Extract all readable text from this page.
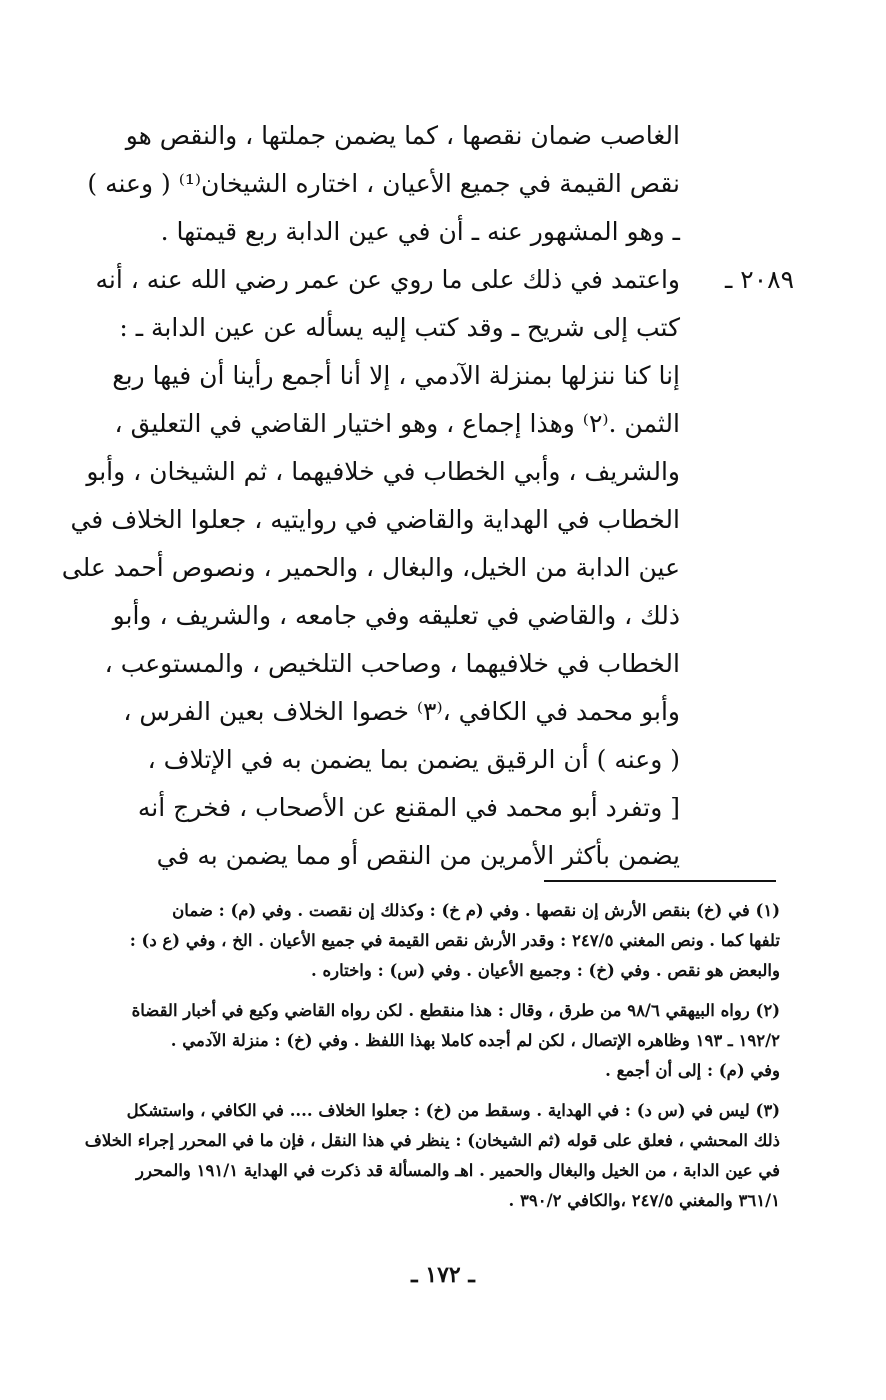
الغاصب ضمان نقصها ، كما يضمن جملتها ، والنقص هو
نقص القيمة في جميع الأعيان ، اختاره الشيخان⁽¹⁾ ( وعنه )
ـ وهو المشهور عنه ـ أن في عين الدابة ربع قيمتها .
٢٠٨٩ ـ
واعتمد في ذلك على ما روي عن عمر رضي الله عنه ، أنه
كتب إلى شريح ـ وقد كتب إليه يسأله عن عين الدابة ـ :
إنا كنا ننزلها بمنزلة الآدمي ، إلا أنا أجمع رأينا أن فيها ربع
الثمن .⁽٢⁾ وهذا إجماع ، وهو اختيار القاضي في التعليق ،
والشريف ، وأبي الخطاب في خلافيهما ، ثم الشيخان ، وأبو
الخطاب في الهداية والقاضي في روايتيه ، جعلوا الخلاف في
عين الدابة من الخيل، والبغال ، والحمير ، ونصوص أحمد على
ذلك ، والقاضي في تعليقه وفي جامعه ، والشريف ، وأبو
الخطاب في خلافيهما ، وصاحب التلخيص ، والمستوعب ،
وأبو محمد في الكافي ،⁽٣⁾ خصوا الخلاف بعين الفرس ،
( وعنه ) أن الرقيق يضمن بما يضمن به في الإتلاف ،
[ وتفرد أبو محمد في المقنع عن الأصحاب ، فخرج أنه
يضمن بأكثر الأمرين من النقص أو مما يضمن به في
(١) في (خ) بنقص الأرش إن نقصها . وفي (م خ) : وكذلك إن نقصت . وفي (م) : ضمان
تلفها كما . ونص المغني ٢٤٧/٥ : وقدر الأرش نقص القيمة في جميع الأعيان . الخ ، وفي (ع د) :
والبعض هو نقص . وفي (خ) : وجميع الأعيان . وفي (س) : واختاره .
(٢) رواه البيهقي ٩٨/٦ من طرق ، وقال : هذا منقطع . لكن رواه القاضي وكيع في أخبار القضاة
١٩٢/٢ ـ ١٩٣ وظاهره الإتصال ، لكن لم أجده كاملا بهذا اللفظ . وفي (خ) : منزلة الآدمي .
وفي (م) : إلى أن أجمع .
(٣) ليس في (س د) : في الهداية . وسقط من (خ) : جعلوا الخلاف .... في الكافي ، واستشكل
ذلك المحشي ، فعلق على قوله (ثم الشيخان) : ينظر في هذا النقل ، فإن ما في المحرر إجراء الخلاف
في عين الدابة ، من الخيل والبغال والحمير . اهـ والمسألة قد ذكرت في الهداية ١٩١/١ والمحرر
٣٦١/١ والمغني ٢٤٧/٥ ،والكافي ٣٩٠/٢ .
ـ ١٧٢ ـ
